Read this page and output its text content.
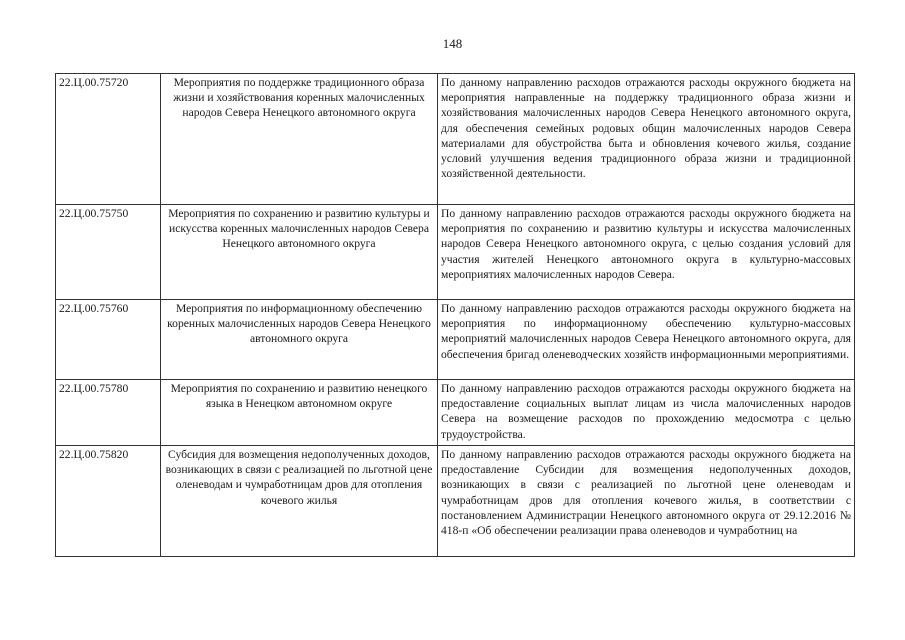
148
22.Ц.00.75720	Мероприятия по поддержке традиционного образа жизни и хозяйствования коренных малочисленных народов Севера Ненецкого автономного округа	По данному направлению расходов отражаются расходы окружного бюджета на мероприятия направленные на поддержку традиционного образа жизни и хозяйствования малочисленных народов Севера Ненецкого автономного округа, для обеспечения семейных родовых общин малочисленных народов Севера материалами для обустройства быта и обновления кочевого жилья, создание условий улучшения ведения традиционного образа жизни и традиционной хозяйственной деятельности.
22.Ц.00.75750	Мероприятия по сохранению и развитию культуры и искусства коренных малочисленных народов Севера Ненецкого автономного округа	По данному направлению расходов отражаются расходы окружного бюджета на мероприятия по сохранению и развитию культуры и искусства малочисленных народов Севера Ненецкого автономного округа, с целью создания условий для участия жителей Ненецкого автономного округа в культурно-массовых мероприятиях малочисленных народов Севера.
22.Ц.00.75760	Мероприятия по информационному обеспечению коренных малочисленных народов Севера Ненецкого автономного округа	По данному направлению расходов отражаются расходы окружного бюджета на мероприятия по информационному обеспечению культурно-массовых мероприятий малочисленных народов Севера Ненецкого автономного округа, для обеспечения бригад оленеводческих хозяйств информационными мероприятиями.
22.Ц.00.75780	Мероприятия по сохранению и развитию ненецкого языка в Ненецком автономном округе	По данному направлению расходов отражаются расходы окружного бюджета на предоставление социальных выплат лицам из числа малочисленных народов Севера на возмещение расходов по прохождению медосмотра с целью трудоустройства.
22.Ц.00.75820	Субсидия для возмещения недополученных доходов, возникающих в связи с реализацией по льготной цене оленеводам и чумработницам дров для отопления кочевого жилья	По данному направлению расходов отражаются расходы окружного бюджета на предоставление Субсидии для возмещения недополученных доходов, возникающих в связи с реализацией по льготной цене оленеводам и чумработницам дров для отопления кочевого жилья, в соответствии с постановлением Администрации Ненецкого автономного округа от 29.12.2016 № 418-п «Об обеспечении реализации права оленеводов и чумработниц на
